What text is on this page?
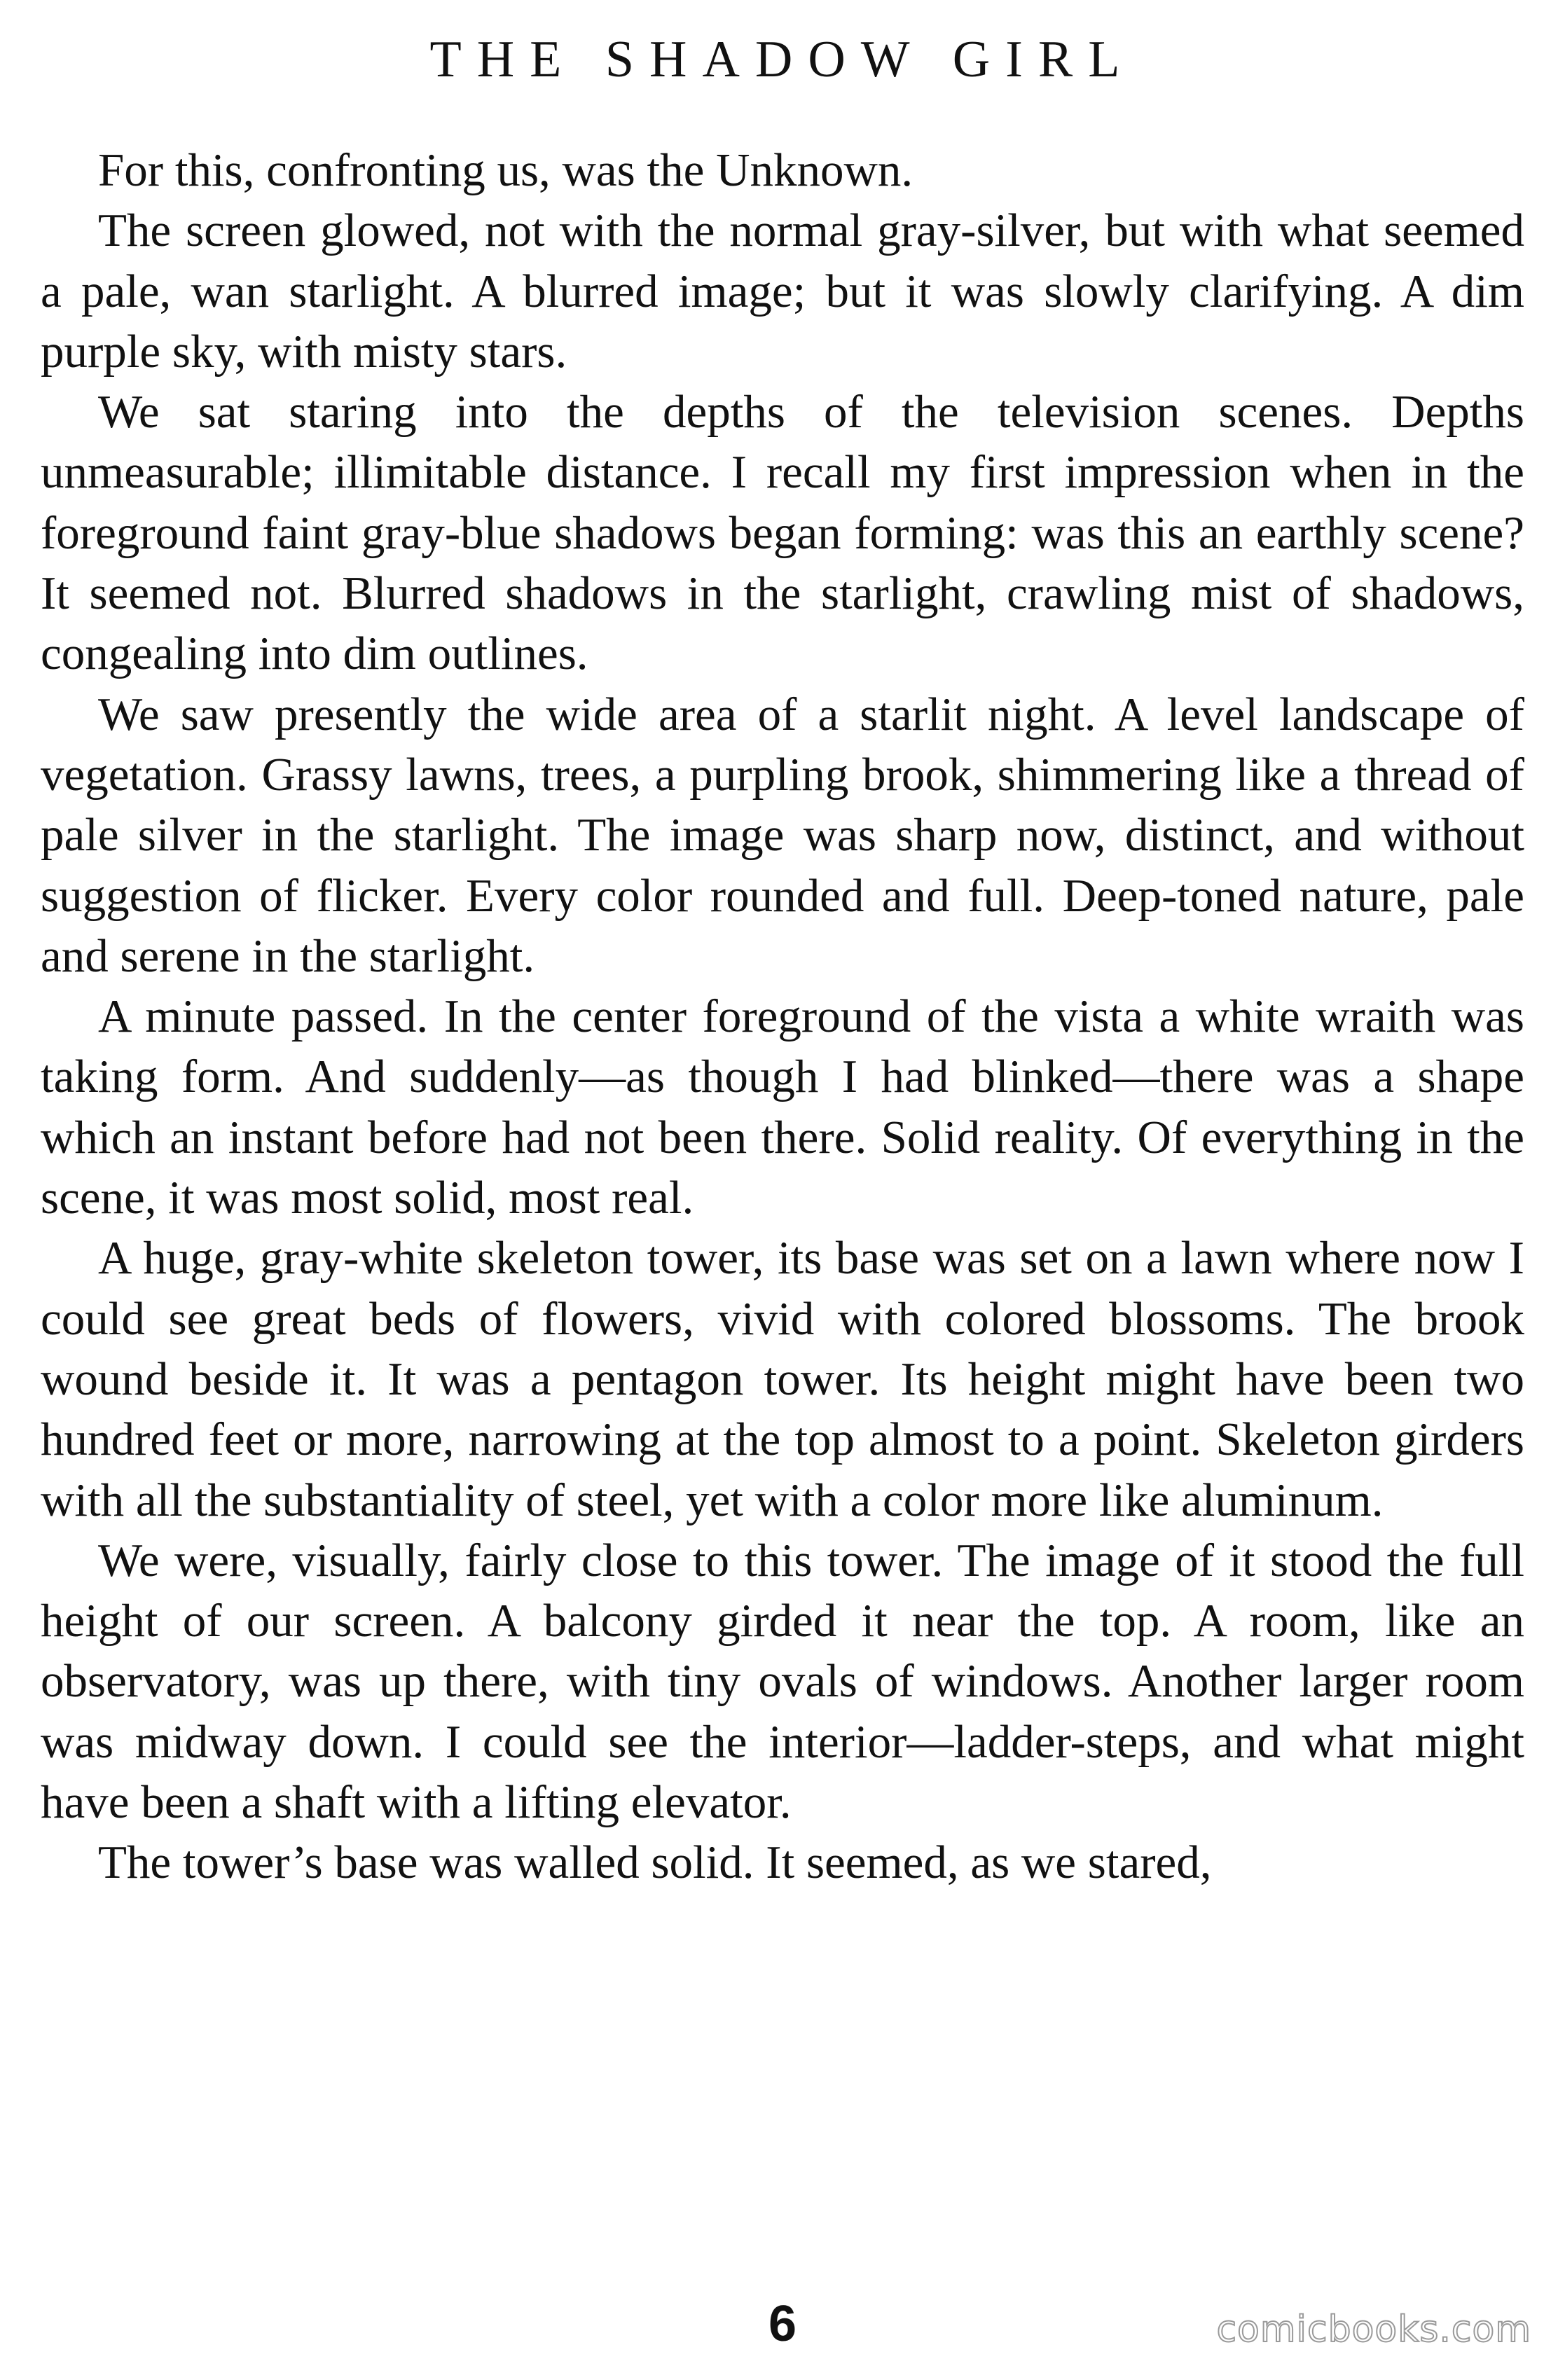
THE SHADOW GIRL

For this, confronting us, was the Unknown.

The screen glowed, not with the normal gray-silver, but with what seemed a pale, wan starlight. A blurred image; but it was slowly clarifying. A dim purple sky, with misty stars.

We sat staring into the depths of the television scenes. Depths unmeasurable; illimitable distance. I recall my first impression when in the foreground faint gray-blue shadows began forming: was this an earthly scene? It seemed not. Blurred shadows in the starlight, crawling mist of shadows, congealing into dim outlines.

We saw presently the wide area of a starlit night. A level landscape of vegetation. Grassy lawns, trees, a purpling brook, shimmering like a thread of pale silver in the starlight. The image was sharp now, distinct, and without suggestion of flicker. Every color rounded and full. Deep-toned nature, pale and serene in the starlight.

A minute passed. In the center foreground of the vista a white wraith was taking form. And suddenly—as though I had blinked—there was a shape which an instant before had not been there. Solid reality. Of everything in the scene, it was most solid, most real.

A huge, gray-white skeleton tower, its base was set on a lawn where now I could see great beds of flowers, vivid with colored blossoms. The brook wound beside it. It was a pentagon tower. Its height might have been two hundred feet or more, narrowing at the top almost to a point. Skeleton girders with all the substantiality of steel, yet with a color more like aluminum.

We were, visually, fairly close to this tower. The image of it stood the full height of our screen. A balcony girded it near the top. A room, like an observatory, was up there, with tiny ovals of windows. Another larger room was midway down. I could see the interior—ladder-steps, and what might have been a shaft with a lifting elevator.

The tower’s base was walled solid. It seemed, as we stared,

6	comicbooks.com
